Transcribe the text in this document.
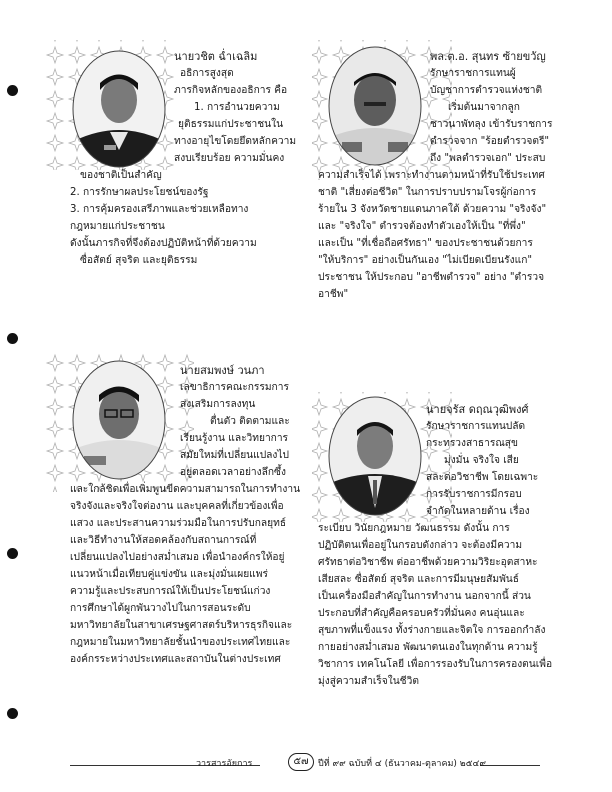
นายวชิต ฉ่ำเฉลิม

อธิการสูงสุด

ภารกิจหลักของอธิการ คือ

1. การอำนวยความ

ยุติธรรมแก่ประชาชนใน

ทางอายุไขโดยยึดหลักความ

สงบเรียบร้อย ความมั่นคง

ของชาติเป็นสำคัญ

2. การรักษาผลประโยชน์ของรัฐ

3. การคุ้มครองเสรีภาพและช่วยเหลือทาง

กฎหมายแก่ประชาชน

ดังนั้นภารกิจที่จึงต้องปฏิบัติหน้าที่ด้วยความ

ซื่อสัตย์ สุจริต และยุติธรรม

พล.ต.อ. สุนทร ซ้ายขวัญ

รักษาราชการแทนผู้

บัญชาการตำรวจแห่งชาติ

เริ่มต้นมาจากลูก

ชาวนาพัทลุง เข้ารับราชการ

ตำรวจจาก "ร้อยตำรวจตรี"

ถึง "พลตำรวจเอก" ประสบ

ความสำเร็จได้ เพราะทำงานตามหน้าที่รับใช้ประเทศ

ชาติ "เสี่ยงต่อชีวิต" ในการปราบปรามโจรผู้ก่อการ

ร้ายใน 3 จังหวัดชายแดนภาคใต้ ด้วยความ "จริงจัง"

และ "จริงใจ" ตำรวจต้องทำตัวเองให้เป็น "ที่พึ่ง"

และเป็น "ที่เชื่อถือศรัทธา" ของประชาชนด้วยการ

"ให้บริการ" อย่างเป็นกันเอง "ไม่เบียดเบียนรังแก"

ประชาชน ให้ประกอบ "อาชีพตำรวจ" อย่าง "ตำรวจ

อาชีพ"

นายสมพงษ์ วนภา

เลขาธิการคณะกรรมการ

ส่งเสริมการลงทุน

ตื่นตัว ติดตามและ

เรียนรู้งาน และวิทยาการ

สมัยใหม่ที่เปลี่ยนแปลงไป

อยู่ตลอดเวลาอย่างลึกซึ้ง

และใกล้ชิดเพื่อเพิ่มพูนขีดความสามารถในการทำงาน

จริงจังและจริงใจต่องาน และบุคคลที่เกี่ยวข้องเพื่อ

แสวง และประสานความร่วมมือในการปรับกลยุทธ์

และวิธีทำงานให้สอดคล้องกับสถานการณ์ที่

เปลี่ยนแปลงไปอย่างสม่ำเสมอ เพื่อนำองค์กรให้อยู่

แนวหน้าเมื่อเทียบคู่แข่งขัน และมุ่งมั่นเผยแพร่

ความรู้และประสบการณ์ให้เป็นประโยชน์แก่วง

การศึกษาได้ผูกพันวางไปในการสอนระดับ

มหาวิทยาลัยในสาขาเศรษฐศาสตร์บริหารธุรกิจและ

กฎหมายในมหาวิทยาลัยชั้นนำของประเทศไทยและ

องค์กรระหว่างประเทศและสถาบันในต่างประเทศ

นายจรัส ดฤณวุฒิพงศ์

รักษาราชการแทนปลัด

กระทรวงสาธารณสุข

มุ่งมั่น จริงใจ เสีย

สละต่อวิชาชีพ โดยเฉพาะ

การรับราชการมีกรอบ

จำกัดในหลายด้าน เรื่อง

ระเบียบ วินัยกฎหมาย วัฒนธรรม ดังนั้น การ

ปฏิบัติตนเพื่ออยู่ในกรอบดังกล่าว จะต้องมีความ

ศรัทธาต่อวิชาชีพ ต่ออาชีพด้วยความวิริยะอุตสาหะ

เสียสละ ซื่อสัตย์ สุจริต และการมีมนุษยสัมพันธ์

เป็นเครื่องมือสำคัญในการทำงาน นอกจากนี้ ส่วน

ประกอบที่สำคัญคือครอบครัวที่มั่นคง คนอุ่นและ

สุขภาพที่แข็งแรง ทั้งร่างกายและจิตใจ การออกกำลัง

กายอย่างสม่ำเสมอ พัฒนาตนเองในทุกด้าน ความรู้

วิชาการ เทคโนโลยี เพื่อการรองรับในการครองตนเพื่อ

มุ่งสู่ความสำเร็จในชีวิต

วารสารอัยการ	๕๗	ปีที่ ๙๙ ฉบับที่ ๔ (ธันวาคม-ตุลาคม) ๒๕๔๙
